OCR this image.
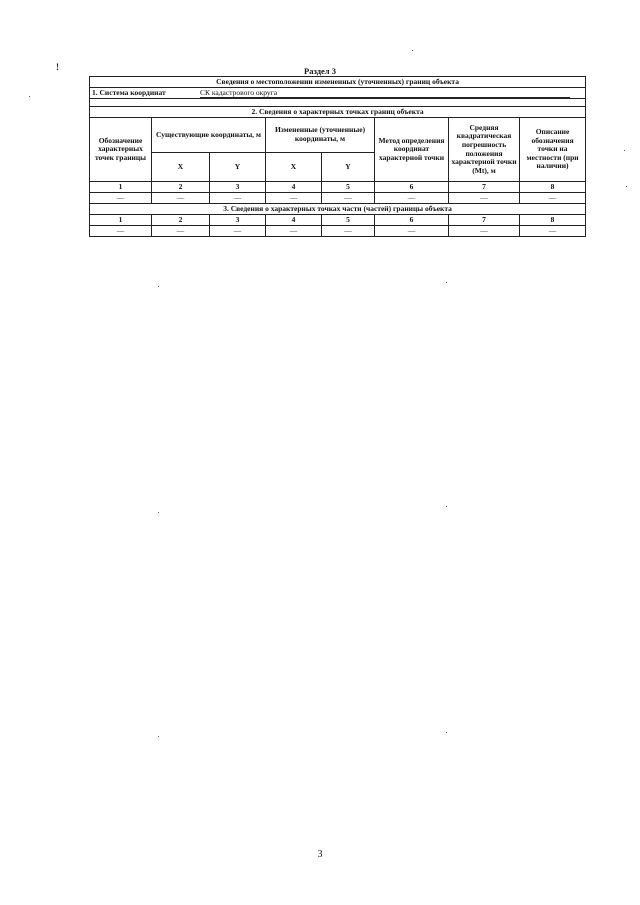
!	Раздел 3
Сведения о местоположении измененных (уточненных) границ объекта							
1. Система координат СК кадастрового округа							

2. Сведения о характерных точках границ объекта							
Обозначение характерных точек границы	Существующие координаты, м		Измененные (уточненные) координаты, м		Метод определения координат характерной точки	Средняя квадратическая погрешность положения характерной точки (Mt), м	Описание обозначения точки на местности (при наличии)
	X	Y	X	Y			
1	2	3	4	5	6	7	8
—	—	—	—	—	—	—	—
3. Сведения о характерных точках части (частей) границы объекта							
1	2	3	4	5	6	7	8
—	—	—	—	—	—	—	—
3
